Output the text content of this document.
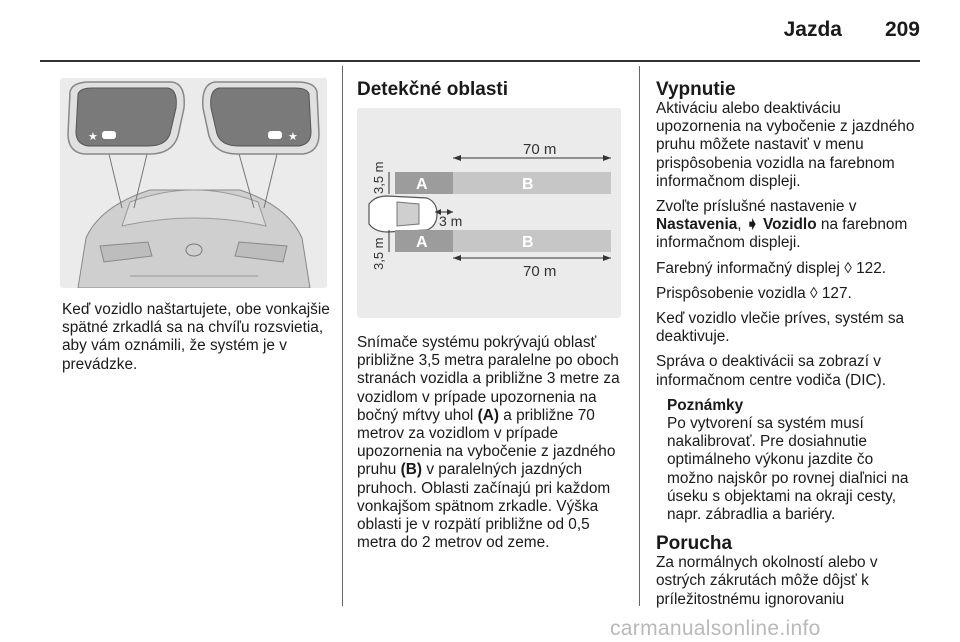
Jazda 209
★	★

Keď vozidlo naštartujete, obe vonkajšie spätné zrkadlá sa na chvíľu rozsvietia, aby vám oznámili, že systém je v prevádzke.

Detekčné oblasti
70 m
A	B
3,5 m
3 m
A	B
3,5 m
70 m

Snímače systému pokrývajú oblasť približne 3,5 metra paralelne po oboch stranách vozidla a približne 3 metre za vozidlom v prípade upozornenia na bočný mŕtvy uhol (A) a približne 70 metrov za vozidlom v prípade upozornenia na vybočenie z jazdného pruhu (B) v paralelných jazdných pruhoch. Oblasti začínajú pri každom vonkajšom spätnom zrkadle. Výška oblasti je v rozpätí približne od 0,5 metra do 2 metrov od zeme.

Vypnutie

Aktiváciu alebo deaktiváciu upozornenia na vybočenie z jazdného pruhu môžete nastaviť v menu prispôsobenia vozidla na farebnom informačnom displeji.

Zvoľte príslušné nastavenie v Nastavenia, ➧ Vozidlo na farebnom informačnom displeji.

Farebný informačný displej ◊ 122.

Prispôsobenie vozidla ◊ 127.

Keď vozidlo vlečie príves, systém sa deaktivuje.

Správa o deaktivácii sa zobrazí v informačnom centre vodiča (DIC).

Poznámky

Po vytvorení sa systém musí nakalibrovať. Pre dosiahnutie optimálneho výkonu jazdite čo možno najskôr po rovnej diaľnici na úseku s objektami na okraji cesty, napr. zábradlia a bariéry.

Porucha

Za normálnych okolností alebo v ostrých zákrutách môže dôjsť k príležitostnému ignorovaniu

carmanualsonline.info
